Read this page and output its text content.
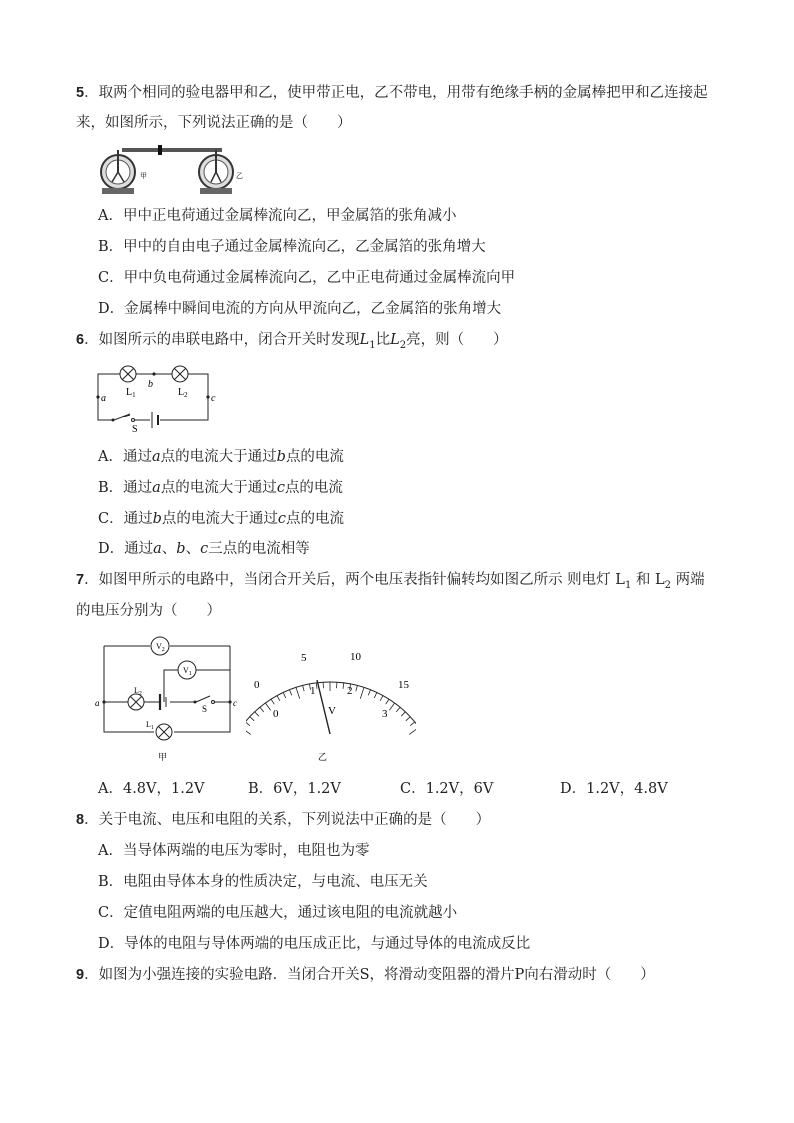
5．取两个相同的验电器甲和乙，使甲带正电，乙不带电，用带有绝缘手柄的金属棒把甲和乙连接起
来，如图所示，下列说法正确的是（　　）
甲	乙
A．甲中正电荷通过金属棒流向乙，甲金属箔的张角减小
B．甲中的自由电子通过金属棒流向乙，乙金属箔的张角增大
C．甲中负电荷通过金属棒流向乙，乙中正电荷通过金属棒流向甲
D．金属棒中瞬间电流的方向从甲流向乙，乙金属箔的张角增大
6．如图所示的串联电路中，闭合开关时发现$L_1$比$L_2$亮，则（　　）
a
b
c
$L_1$	$L_2$
S
A．通过a点的电流大于通过b点的电流
B．通过a点的电流大于通过c点的电流
C．通过b点的电流大于通过c点的电流
D．通过a、b、c三点的电流相等
7．如图甲所示的电路中，当闭合开关后，两个电压表指针偏转均如图乙所示 则电灯 $L_1$ 和 $L_2$ 两端
的电压分别为（　　）
$V_2$
$V_1$
$L_2$
$L_1$
a	c
S
甲
0
5	10
15
0
1	2
3
V
乙
A．4.8V，1.2V	B．6V，1.2V	C．1.2V，6V	D．1.2V，4.8V
8．关于电流、电压和电阻的关系，下列说法中正确的是（　　）
A．当导体两端的电压为零时，电阻也为零
B．电阻由导体本身的性质决定，与电流、电压无关
C．定值电阻两端的电压越大，通过该电阻的电流就越小
D．导体的电阻与导体两端的电压成正比，与通过导体的电流成反比
9．如图为小强连接的实验电路．当闭合开关S，将滑动变阻器的滑片P向右滑动时（　　）
